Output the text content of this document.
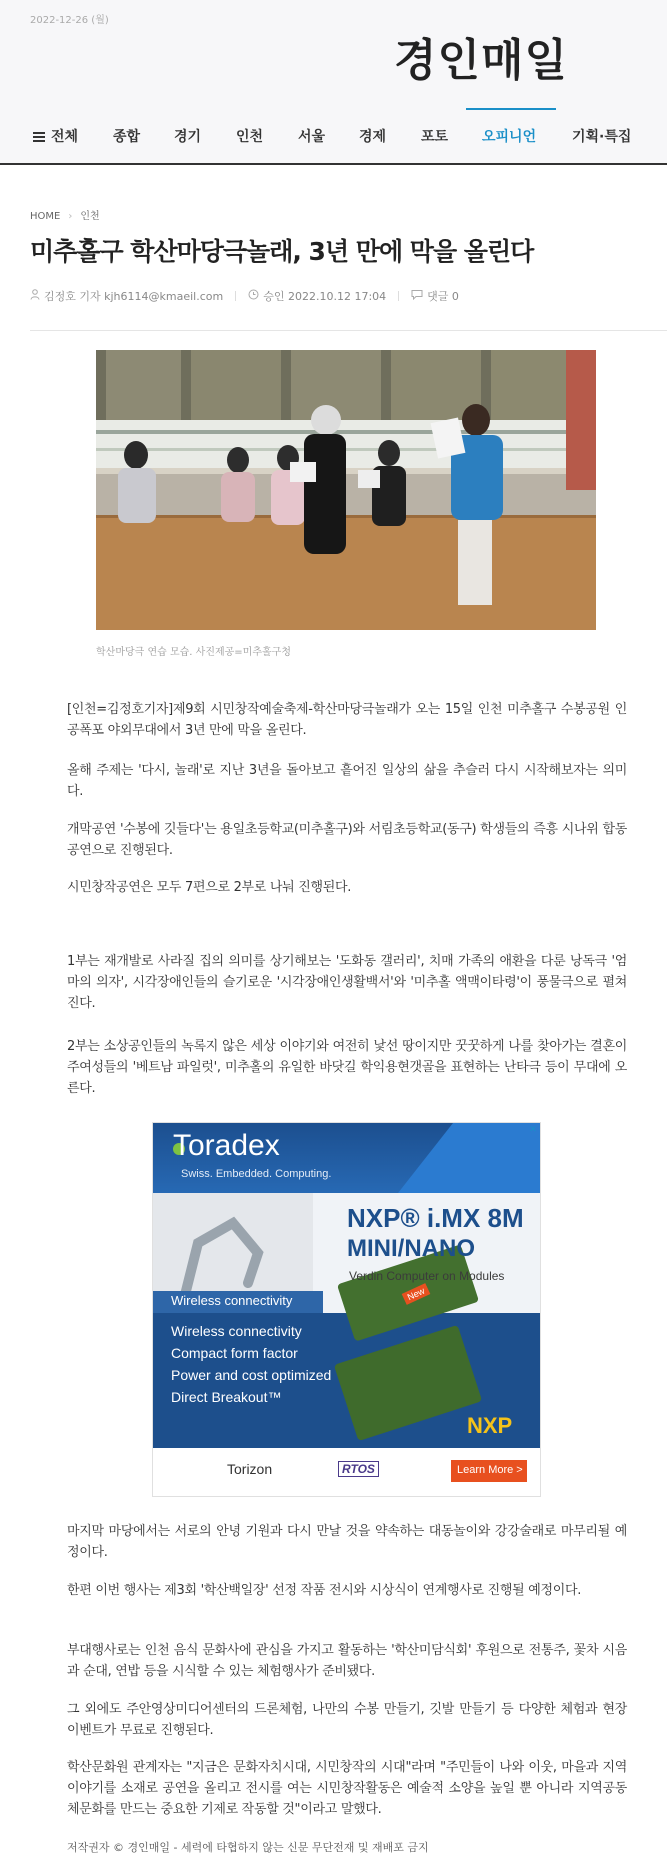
2022-12-26 (월)
경인매일
전체 종합 경기 인천 서울 경제 포토 오피니언	기획·특집
HOME › 인천
미추홀구 학산마당극놀래, 3년 만에 막을 올린다
김정호 기자 kjh6114@kmaeil.com	승인 2022.10.12 17:04	댓글 0
학산마당극 연습 모습. 사진제공=미추홀구청

[인천=김정호기자]제9회 시민창작예술축제-학산마당극놀래가 오는 15일 인천 미추홀구 수봉공원 인공폭포 야외무대에서 3년 만에 막을 올린다.

올해 주제는 '다시, 놀래'로 지난 3년을 돌아보고 흩어진 일상의 삶을 추슬러 다시 시작해보자는 의미다.

개막공연 '수봉에 깃들다'는 용일초등학교(미추홀구)와 서림초등학교(동구) 학생들의 즉흥 시나위 합동 공연으로 진행된다.

시민창작공연은 모두 7편으로 2부로 나눠 진행된다.

1부는 재개발로 사라질 집의 의미를 상기해보는 '도화동 갤러리', 치매 가족의 애환을 다룬 낭독극 '엄마의 의자', 시각장애인들의 슬기로운 '시각장애인생활백서'와 '미추홀 액맥이타령'이 풍물극으로 펼쳐진다.

2부는 소상공인들의 녹록지 않은 세상 이야기와 여전히 낯선 땅이지만 꿋꿋하게 나를 찾아가는 결혼이주여성들의 '베트남 파일럿', 미추홀의 유일한 바닷길 학익용현갯골을 표현하는 난타극 등이 무대에 오른다.

Toradex
Swiss. Embedded. Computing.
NXP® i.MX 8M
MINI/NANO
Verdin Computer on Modules
New
Wireless connectivity
Wireless connectivity
Compact form factor
Power and cost optimized
Direct Breakout™
NXP
Torizon	RTOS	Learn More >
✕

마지막 마당에서는 서로의 안녕 기원과 다시 만날 것을 약속하는 대동놀이와 강강술래로 마무리될 예정이다.

한편 이번 행사는 제3회 '학산백일장' 선정 작품 전시와 시상식이 연계행사로 진행될 예정이다.

부대행사로는 인천 음식 문화사에 관심을 가지고 활동하는 '학산미담식회' 후원으로 전통주, 꽃차 시음과 순대, 연밥 등을 시식할 수 있는 체험행사가 준비됐다.

그 외에도 주안영상미디어센터의 드론체험, 나만의 수봉 만들기, 깃발 만들기 등 다양한 체험과 현장 이벤트가 무료로 진행된다.

학산문화원 관계자는 "지금은 문화자치시대, 시민창작의 시대"라며 "주민들이 나와 이웃, 마을과 지역 이야기를 소재로 공연을 올리고 전시를 여는 시민창작활동은 예술적 소양을 높일 뿐 아니라 지역공동체문화를 만드는 중요한 기제로 작동할 것"이라고 말했다.

저작권자 © 경인매일 - 세력에 타협하지 않는 신문 무단전재 및 재배포 금지
